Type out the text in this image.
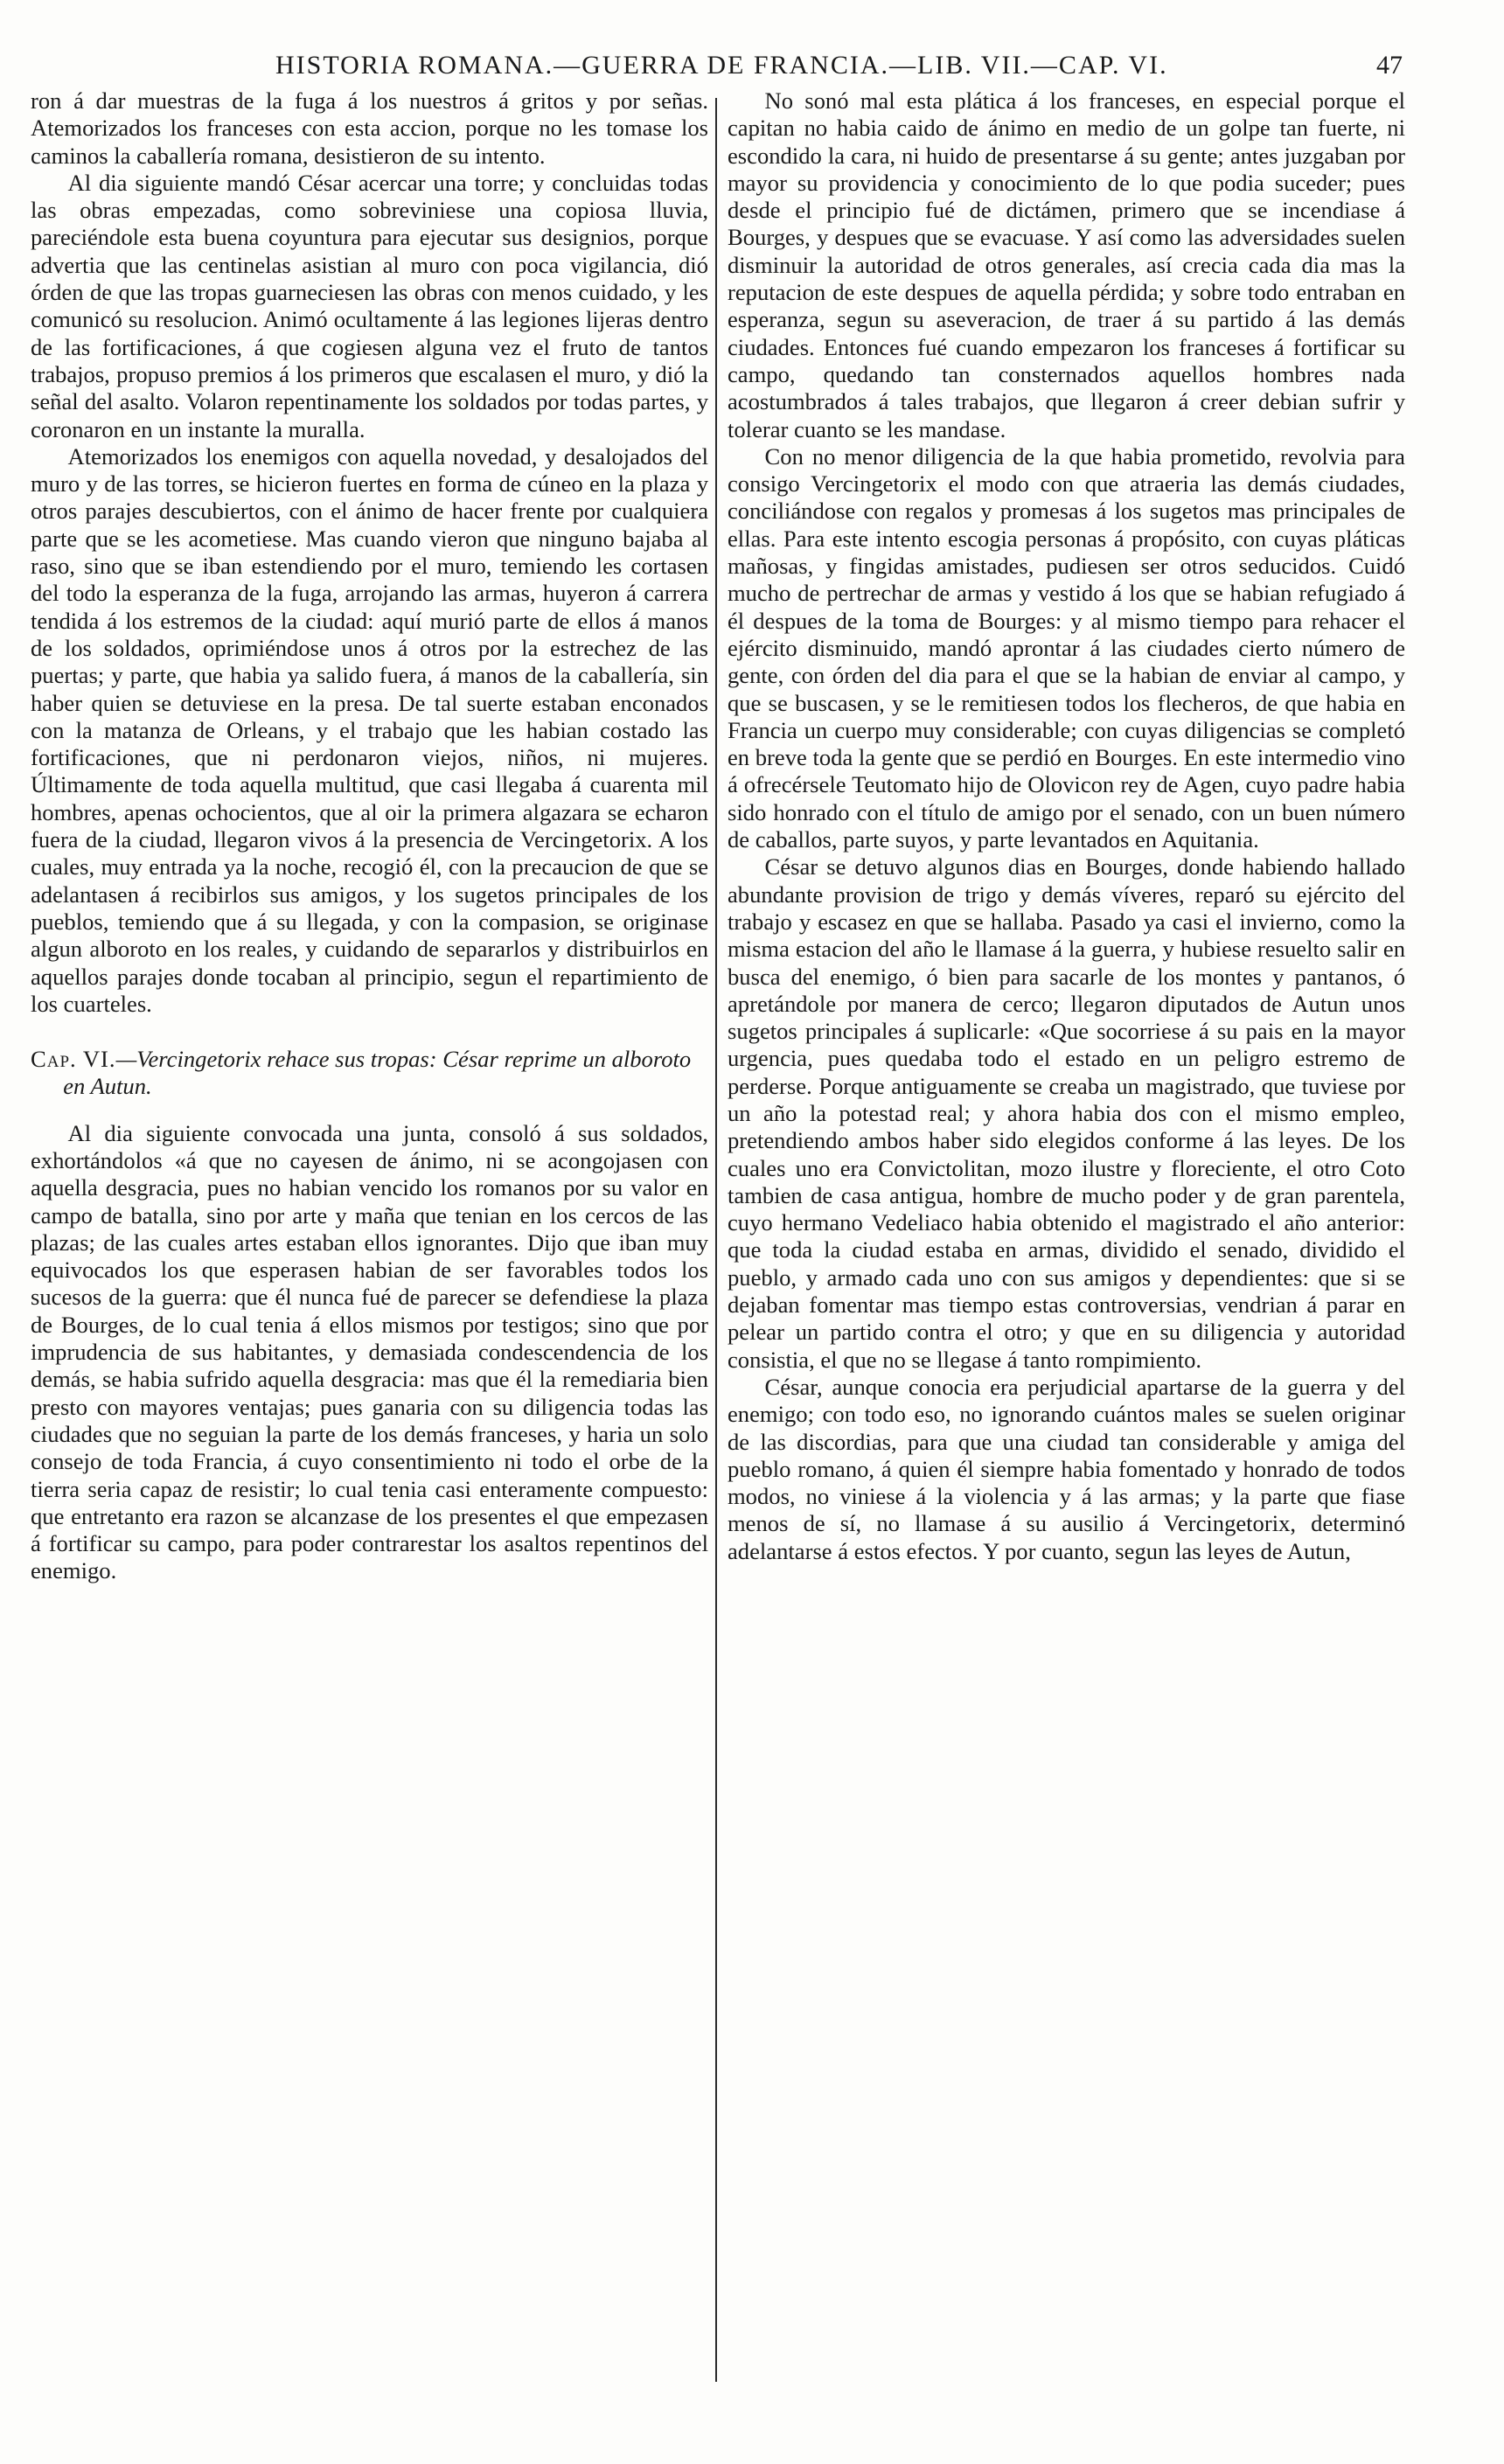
HISTORIA ROMANA.—GUERRA DE FRANCIA.—LIB. VII.—CAP. VI.	47

ron á dar muestras de la fuga á los nuestros á gritos y por señas. Atemorizados los franceses con esta accion, porque no les tomase los caminos la caballería romana, desistieron de su intento.

Al dia siguiente mandó César acercar una torre; y concluidas todas las obras empezadas, como sobreviniese una copiosa lluvia, pareciéndole esta buena coyuntura para ejecutar sus designios, porque advertia que las centinelas asistian al muro con poca vigilancia, dió órden de que las tropas guarneciesen las obras con menos cuidado, y les comunicó su resolucion. Animó ocultamente á las legiones lijeras dentro de las fortificaciones, á que cogiesen alguna vez el fruto de tantos trabajos, propuso premios á los primeros que escalasen el muro, y dió la señal del asalto. Volaron repentinamente los soldados por todas partes, y coronaron en un instante la muralla.

Atemorizados los enemigos con aquella novedad, y desalojados del muro y de las torres, se hicieron fuertes en forma de cúneo en la plaza y otros parajes descubiertos, con el ánimo de hacer frente por cualquiera parte que se les acometiese. Mas cuando vieron que ninguno bajaba al raso, sino que se iban estendiendo por el muro, temiendo les cortasen del todo la esperanza de la fuga, arrojando las armas, huyeron á carrera tendida á los estremos de la ciudad: aquí murió parte de ellos á manos de los soldados, oprimiéndose unos á otros por la estrechez de las puertas; y parte, que habia ya salido fuera, á manos de la caballería, sin haber quien se detuviese en la presa. De tal suerte estaban enconados con la matanza de Orleans, y el trabajo que les habian costado las fortificaciones, que ni perdonaron viejos, niños, ni mujeres. Últimamente de toda aquella multitud, que casi llegaba á cuarenta mil hombres, apenas ochocientos, que al oir la primera algazara se echaron fuera de la ciudad, llegaron vivos á la presencia de Vercingetorix. A los cuales, muy entrada ya la noche, recogió él, con la precaucion de que se adelantasen á recibirlos sus amigos, y los sugetos principales de los pueblos, temiendo que á su llegada, y con la compasion, se originase algun alboroto en los reales, y cuidando de separarlos y distribuirlos en aquellos parajes donde tocaban al principio, segun el repartimiento de los cuarteles.

Cap. VI.—Vercingetorix rehace sus tropas: César reprime un alboroto en Autun.

Al dia siguiente convocada una junta, consoló á sus soldados, exhortándolos «á que no cayesen de ánimo, ni se acongojasen con aquella desgracia, pues no habian vencido los romanos por su valor en campo de batalla, sino por arte y maña que tenian en los cercos de las plazas; de las cuales artes estaban ellos ignorantes. Dijo que iban muy equivocados los que esperasen habian de ser favorables todos los sucesos de la guerra: que él nunca fué de parecer se defendiese la plaza de Bourges, de lo cual tenia á ellos mismos por testigos; sino que por imprudencia de sus habitantes, y demasiada condescendencia de los demás, se habia sufrido aquella desgracia: mas que él la remediaria bien presto con mayores ventajas; pues ganaria con su diligencia todas las ciudades que no seguian la parte de los demás franceses, y haria un solo consejo de toda Francia, á cuyo consentimiento ni todo el orbe de la tierra seria capaz de resistir; lo cual tenia casi enteramente compuesto: que entretanto era razon se alcanzase de los presentes el que empezasen á fortificar su campo, para poder contrarestar los asaltos repentinos del enemigo.

No sonó mal esta plática á los franceses, en especial porque el capitan no habia caido de ánimo en medio de un golpe tan fuerte, ni escondido la cara, ni huido de presentarse á su gente; antes juzgaban por mayor su providencia y conocimiento de lo que podia suceder; pues desde el principio fué de dictámen, primero que se incendiase á Bourges, y despues que se evacuase. Y así como las adversidades suelen disminuir la autoridad de otros generales, así crecia cada dia mas la reputacion de este despues de aquella pérdida; y sobre todo entraban en esperanza, segun su aseveracion, de traer á su partido á las demás ciudades. Entonces fué cuando empezaron los franceses á fortificar su campo, quedando tan consternados aquellos hombres nada acostumbrados á tales trabajos, que llegaron á creer debian sufrir y tolerar cuanto se les mandase.

Con no menor diligencia de la que habia prometido, revolvia para consigo Vercingetorix el modo con que atraeria las demás ciudades, conciliándose con regalos y promesas á los sugetos mas principales de ellas. Para este intento escogia personas á propósito, con cuyas pláticas mañosas, y fingidas amistades, pudiesen ser otros seducidos. Cuidó mucho de pertrechar de armas y vestido á los que se habian refugiado á él despues de la toma de Bourges: y al mismo tiempo para rehacer el ejército disminuido, mandó aprontar á las ciudades cierto número de gente, con órden del dia para el que se la habian de enviar al campo, y que se buscasen, y se le remitiesen todos los flecheros, de que habia en Francia un cuerpo muy considerable; con cuyas diligencias se completó en breve toda la gente que se perdió en Bourges. En este intermedio vino á ofrecérsele Teutomato hijo de Olovicon rey de Agen, cuyo padre habia sido honrado con el título de amigo por el senado, con un buen número de caballos, parte suyos, y parte levantados en Aquitania.

César se detuvo algunos dias en Bourges, donde habiendo hallado abundante provision de trigo y demás víveres, reparó su ejército del trabajo y escasez en que se hallaba. Pasado ya casi el invierno, como la misma estacion del año le llamase á la guerra, y hubiese resuelto salir en busca del enemigo, ó bien para sacarle de los montes y pantanos, ó apretándole por manera de cerco; llegaron diputados de Autun unos sugetos principales á suplicarle: «Que socorriese á su pais en la mayor urgencia, pues quedaba todo el estado en un peligro estremo de perderse. Porque antiguamente se creaba un magistrado, que tuviese por un año la potestad real; y ahora habia dos con el mismo empleo, pretendiendo ambos haber sido elegidos conforme á las leyes. De los cuales uno era Convictolitan, mozo ilustre y floreciente, el otro Coto tambien de casa antigua, hombre de mucho poder y de gran parentela, cuyo hermano Vedeliaco habia obtenido el magistrado el año anterior: que toda la ciudad estaba en armas, dividido el senado, dividido el pueblo, y armado cada uno con sus amigos y dependientes: que si se dejaban fomentar mas tiempo estas controversias, vendrian á parar en pelear un partido contra el otro; y que en su diligencia y autoridad consistia, el que no se llegase á tanto rompimiento.

César, aunque conocia era perjudicial apartarse de la guerra y del enemigo; con todo eso, no ignorando cuántos males se suelen originar de las discordias, para que una ciudad tan considerable y amiga del pueblo romano, á quien él siempre habia fomentado y honrado de todos modos, no viniese á la violencia y á las armas; y la parte que fiase menos de sí, no llamase á su ausilio á Vercingetorix, determinó adelantarse á estos efectos. Y por cuanto, segun las leyes de Autun,
